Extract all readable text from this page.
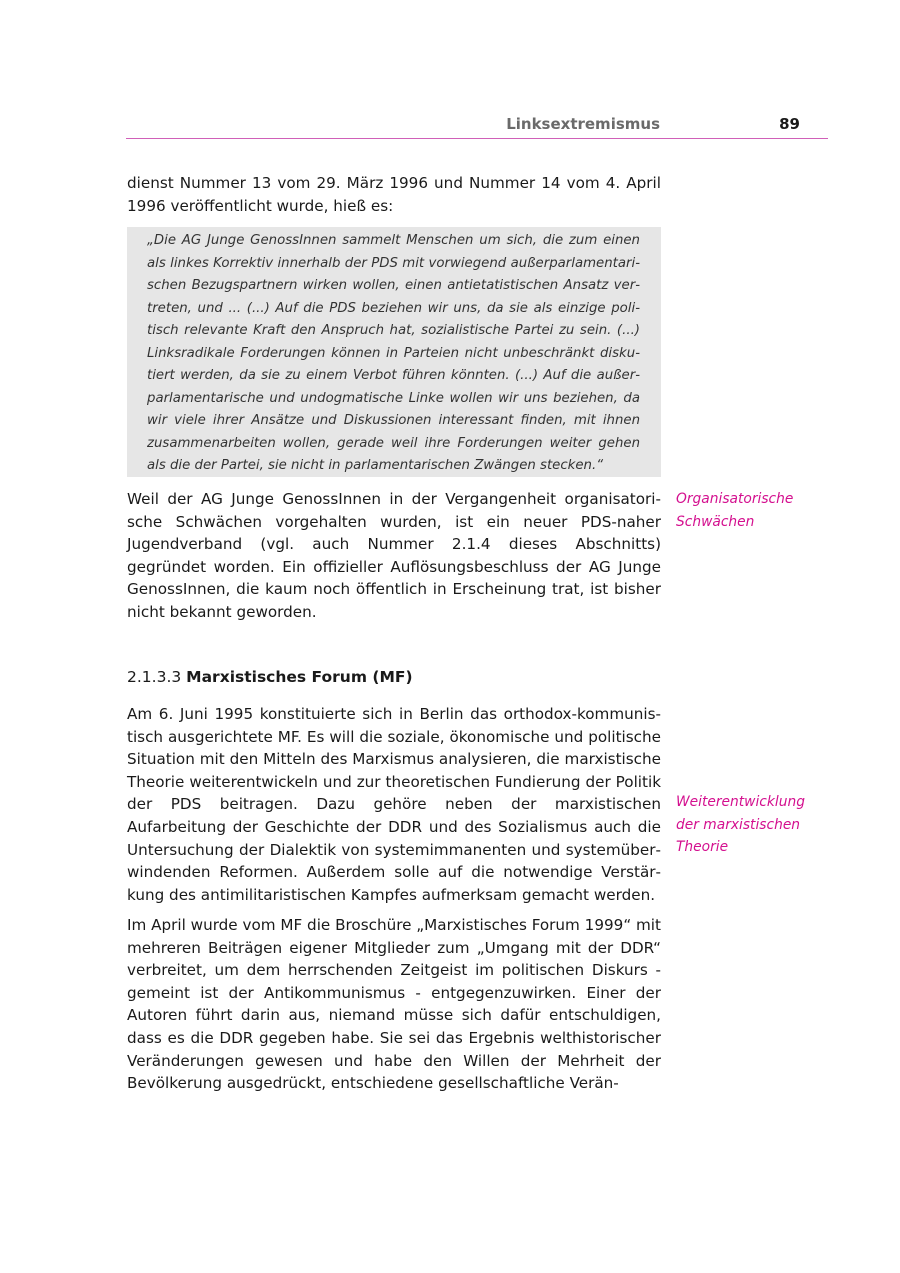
Linksextremismus	89

dienst Nummer 13 vom 29. März 1996 und Nummer 14 vom 4. April 1996 veröffentlicht wurde, hieß es:

„Die AG Junge GenossInnen sammelt Menschen um sich, die zum einen als linkes Korrektiv innerhalb der PDS mit vorwiegend außerparlamentarischen Bezugspartnern wirken wollen, einen antietatistischen Ansatz vertreten, und ... (...) Auf die PDS beziehen wir uns, da sie als einzige politisch relevante Kraft den Anspruch hat, sozialistische Partei zu sein. (...) Linksradikale Forderungen können in Parteien nicht unbeschränkt diskutiert werden, da sie zu einem Verbot führen könnten. (...) Auf die außerparlamentarische und undogmatische Linke wollen wir uns beziehen, da wir viele ihrer Ansätze und Diskussionen interessant finden, mit ihnen zusammenarbeiten wollen, gerade weil ihre Forderungen weiter gehen als die der Partei, sie nicht in parlamentarischen Zwängen stecken.“

Weil der AG Junge GenossInnen in der Vergangenheit organisatorische Schwächen vorgehalten wurden, ist ein neuer PDS-naher Jugendverband (vgl. auch Nummer 2.1.4 dieses Abschnitts) gegründet worden. Ein offizieller Auflösungsbeschluss der AG Junge GenossInnen, die kaum noch öffentlich in Erscheinung trat, ist bisher nicht bekannt geworden.

Organisatorische Schwächen

2.1.3.3 Marxistisches Forum (MF)

Am 6. Juni 1995 konstituierte sich in Berlin das orthodox-kommunistisch ausgerichtete MF. Es will die soziale, ökonomische und politische Situation mit den Mitteln des Marxismus analysieren, die marxistische Theorie weiterentwickeln und zur theoretischen Fundierung der Politik der PDS beitragen. Dazu gehöre neben der marxistischen Aufarbeitung der Geschichte der DDR und des Sozialismus auch die Untersuchung der Dialektik von systemimmanenten und systemüberwindenden Reformen. Außerdem solle auf die notwendige Verstärkung des antimilitaristischen Kampfes aufmerksam gemacht werden.

Weiterentwicklung der marxistischen Theorie

Im April wurde vom MF die Broschüre „Marxistisches Forum 1999“ mit mehreren Beiträgen eigener Mitglieder zum „Umgang mit der DDR“ verbreitet, um dem herrschenden Zeitgeist im politischen Diskurs - gemeint ist der Antikommunismus - entgegenzuwirken. Einer der Autoren führt darin aus, niemand müsse sich dafür entschuldigen, dass es die DDR gegeben habe. Sie sei das Ergebnis welthistorischer Veränderungen gewesen und habe den Willen der Mehrheit der Bevölkerung ausgedrückt, entschiedene gesellschaftliche Verän-
